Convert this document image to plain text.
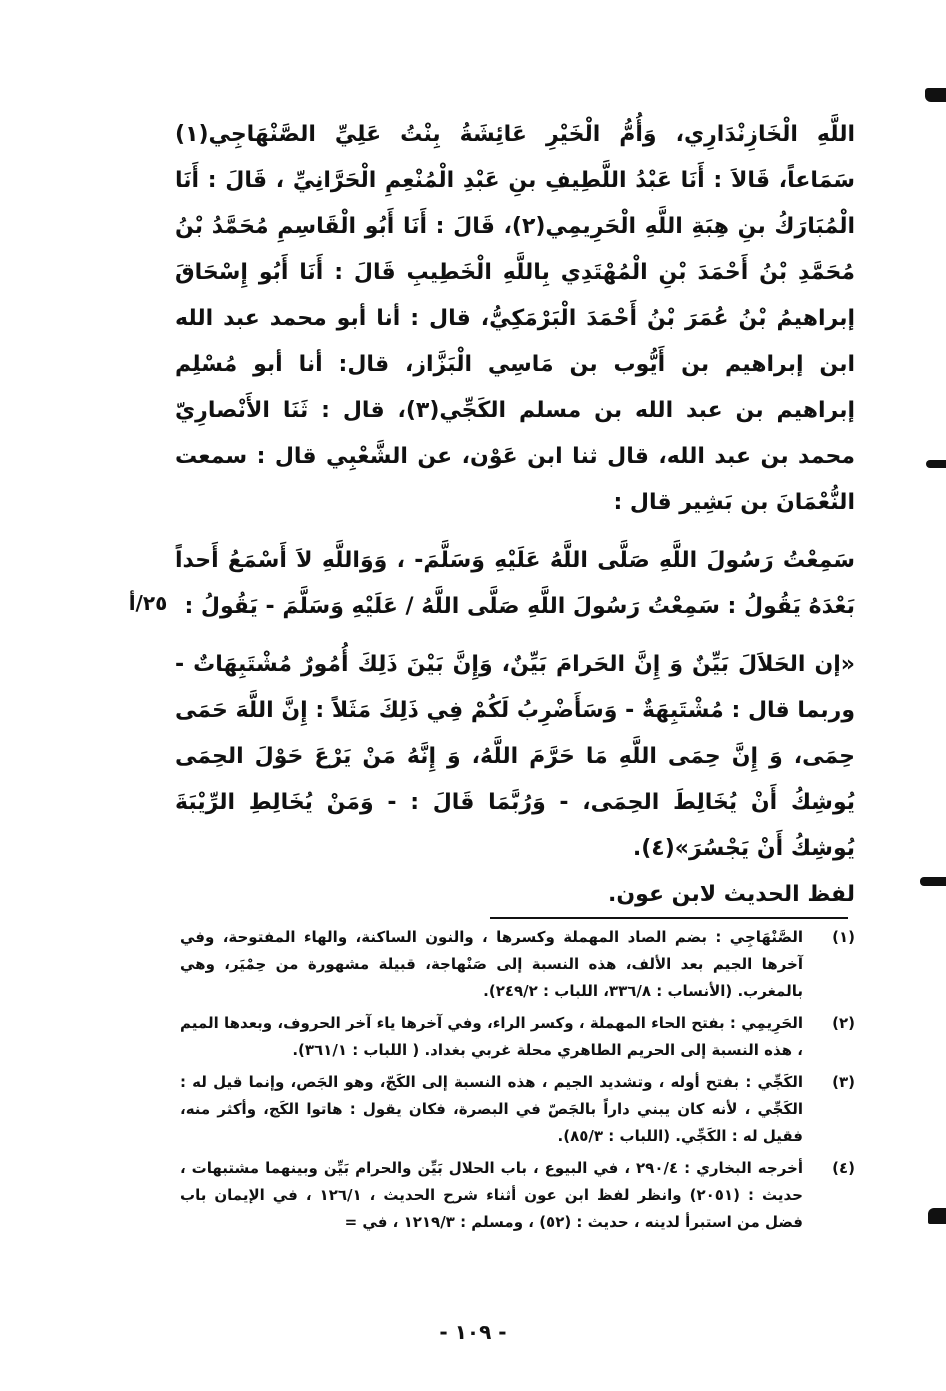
اللَّهِ الْخَازِنْدَارِي، وَأُمُّ الْخَيْرِ عَائِشَةُ بِنْتُ عَلِيِّ الصَّنْهَاجِي(١) سَمَاعاً، قَالاَ : أَنَا عَبْدُ اللَّطِيفِ بنِ عَبْدِ الْمُنْعِمِ الْحَرَّانِيِّ ، قَالَ : أَنَا الْمُبَارَكُ بنِ هِبَةِ اللَّهِ الْحَرِيمِي(٢)، قَالَ : أَنَا أَبُو الْقَاسِمِ مُحَمَّدُ بْنُ مُحَمَّدِ بْنُ أَحْمَدَ بْنِ الْمُهْتَدِي بِاللَّهِ الْخَطِيبِ قَالَ : أَنَا أَبُو إِسْحَاقَ إبراهيمُ بْنُ عُمَرَ بْنُ أَحْمَدَ الْبَرْمَكِيُّ، قال : أنا أبو محمد عبد الله ابن إبراهيم بن أَيُّوب بن مَاسِي الْبَزَّاز، قال: أنا أبو مُسْلِم إبراهيم بن عبد الله بن مسلم الكَجِّي(٣)، قال : ثَنَا الأَنْصارِيّ محمد بن عبد الله، قال ثنا ابن عَوْن، عن الشَّعْبِي قال : سمعت النُّعْمَانَ بن بَشِير قال :

سَمِعْتُ رَسُولَ اللَّهِ صَلَّى اللَّهُ عَلَيْهِ وَسَلَّمَ- ، وَوَاللَّهِ لاَ أَسْمَعُ أَحداً بَعْدَهُ يَقُولُ : سَمِعْتُ رَسُولَ اللَّهِ صَلَّى اللَّهُ / عَلَيْهِ وَسَلَّمَ - يَقُولُ :

«إن الحَلاَلَ بَيِّنٌ وَ إِنَّ الحَرامَ بَيِّنٌ، وَإِنَّ بَيْنَ ذَلِكَ أُمُورٌ مُشْتَبِهَاتٌ - وربما قال : مُشْتَبِهَةٌ - وَسَأَضْرِبُ لَكُمْ فِي ذَلِكَ مَثَلاً : إِنَّ اللَّهَ حَمَى حِمَى، وَ إِنَّ حِمَى اللَّهِ مَا حَرَّمَ اللَّهُ، وَ إِنَّهُ مَنْ يَرْعَ حَوْلَ الحِمَى يُوشِكُ أَنْ يُخَالِطَ الحِمَى، - وَرُبَّمَا قَالَ : - وَمَنْ يُخَالِطِ الرِّيْبَةَ يُوشِكُ أَنْ يَجْسُرَ»(٤).

لفظ الحديث لابن عون.

٢٥/أ
(١)
الصَّنْهَاجِي : بضم الصاد المهملة وكسرها ، والنون الساكنة، والهاء المفتوحة، وفي آخرها الجيم بعد الألف، هذه النسبة إلى صَنْهاجة، قبيلة مشهورة من حِمْيَر، وهي بالمغرب. (الأنساب : ٣٣٦/٨، اللباب : ٢٤٩/٢).
(٢)
الحَرِيمِي : بفتح الحاء المهملة ، وكسر الراء، وفي آخرها ياء آخر الحروف، وبعدها الميم ، هذه النسبة إلى الحريم الطاهري محلة غربي بغداد. ( اللباب : ٣٦١/١).
(٣)
الكَجِّي : بفتح أوله ، وتشديد الجيم ، هذه النسبة إلى الكَجّ، وهو الجَص، وإنما قيل له : الكَجِّي ، لأنه كان يبني داراً بالجَصّ في البصرة، فكان يقول : هاتوا الكَج، وأكثر منه، فقيل له : الكَجِّي. (اللباب : ٨٥/٣).
(٤)
أخرجه البخاري : ٢٩٠/٤ ، في البيوع ، باب الحلال بَيِّن والحرام بَيِّن وبينهما مشتبهات ، حديث : (٢٠٥١) وانظر لفظ ابن عون أثناء شرح الحديث ، ١٢٦/١ ، في الإيمان باب فضل من استبرأ لدينه ، حديث : (٥٢) ، ومسلم : ١٢١٩/٣ ، في =
- ١٠٩ -
